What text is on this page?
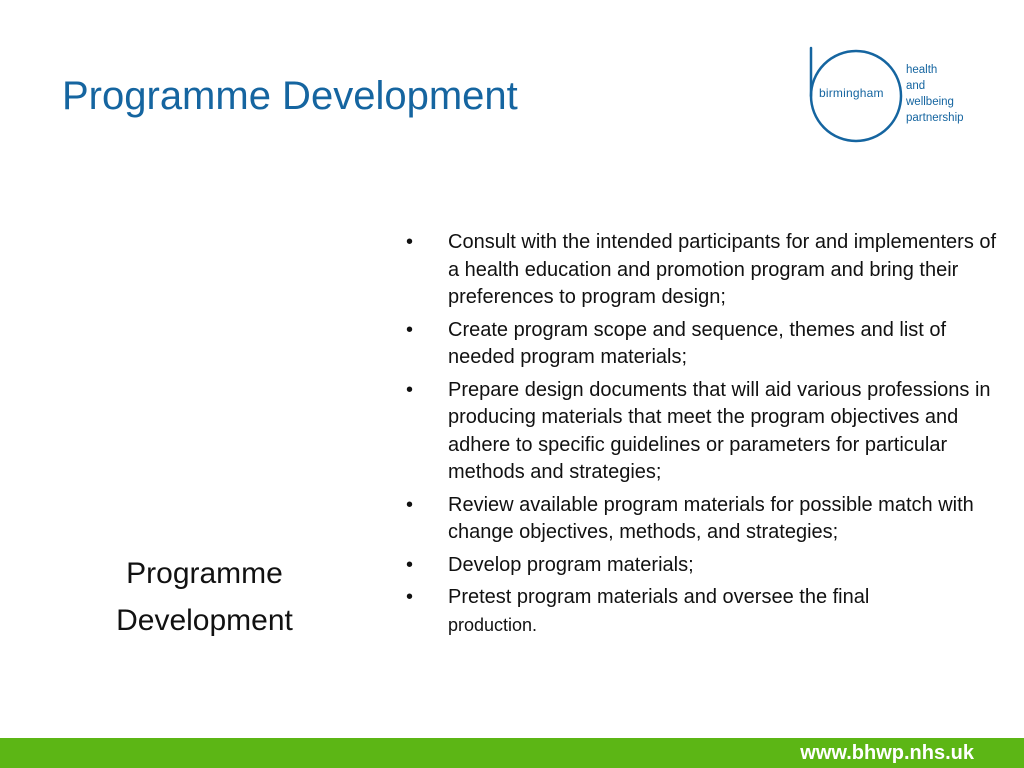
Programme Development	birmingham
health
and
wellbeing
partnership
Programme
Development
• Consult with the intended participants for and implementers of a health education and promotion program and bring their preferences to program design;
• Create program scope and sequence, themes and list of needed program materials;
• Prepare design documents that will aid various professions in producing materials that meet the program objectives and adhere to specific guidelines or parameters for particular methods and strategies;
• Review available program materials for possible match with change objectives, methods, and strategies;
• Develop program materials;
• Pretest program materials and oversee the final
production.
www.bhwp.nhs.uk
